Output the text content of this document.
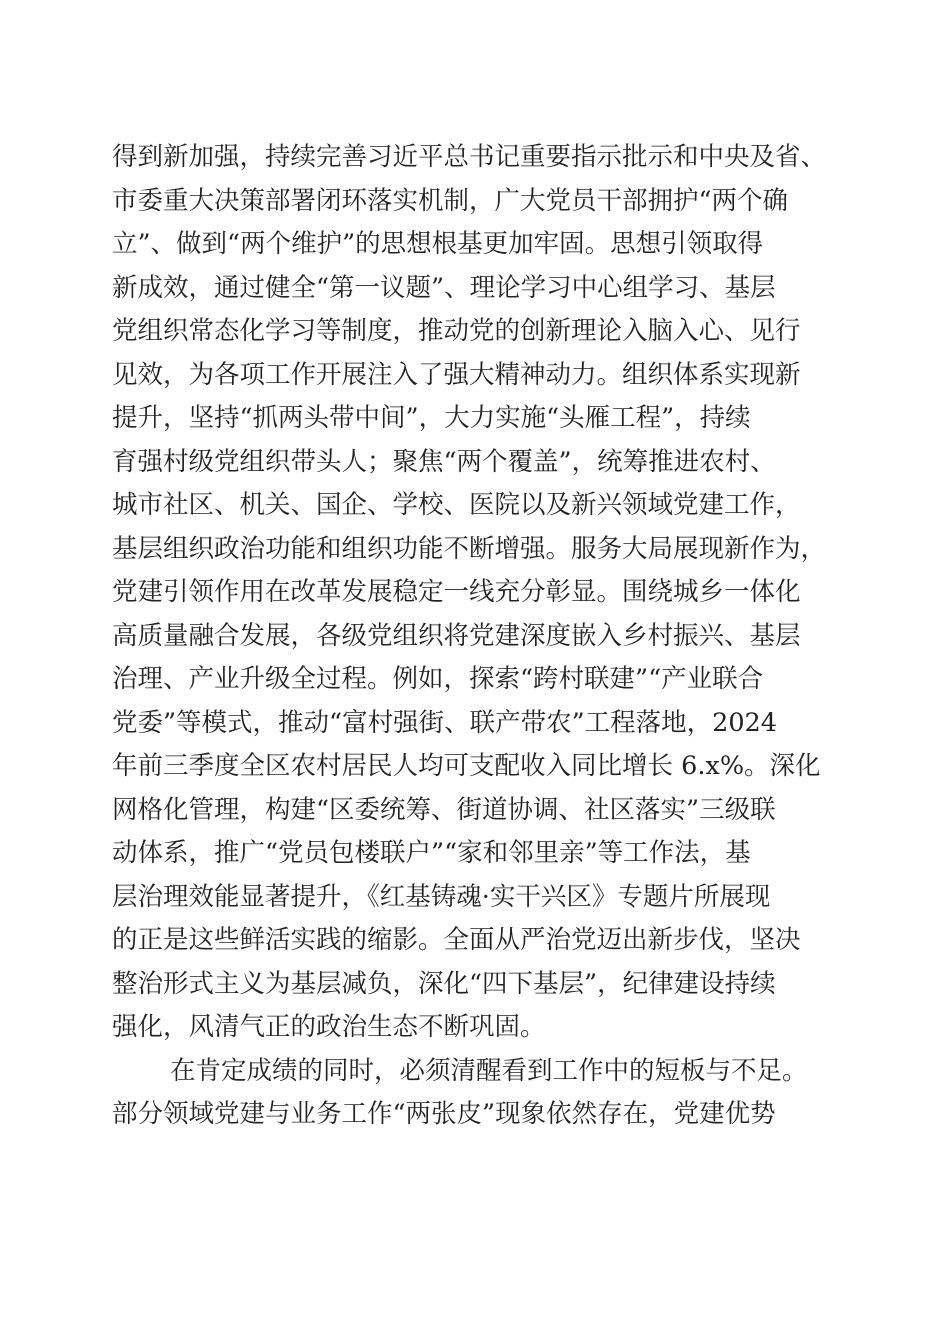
得到新加强，持续完善习近平总书记重要指示批示和中央及省、
市委重大决策部署闭环落实机制，广大党员干部拥护“两个确
立”、做到“两个维护”的思想根基更加牢固。思想引领取得
新成效，通过健全“第一议题”、理论学习中心组学习、基层
党组织常态化学习等制度，推动党的创新理论入脑入心、见行
见效，为各项工作开展注入了强大精神动力。组织体系实现新
提升，坚持“抓两头带中间”，大力实施“头雁工程”，持续
育强村级党组织带头人；聚焦“两个覆盖”，统筹推进农村、
城市社区、机关、国企、学校、医院以及新兴领域党建工作，
基层组织政治功能和组织功能不断增强。服务大局展现新作为，
党建引领作用在改革发展稳定一线充分彰显。围绕城乡一体化
高质量融合发展，各级党组织将党建深度嵌入乡村振兴、基层
治理、产业升级全过程。例如，探索“跨村联建”“产业联合
党委”等模式，推动“富村强街、联产带农”工程落地，2024
年前三季度全区农村居民人均可支配收入同比增长 6.x%。深化
网格化管理，构建“区委统筹、街道协调、社区落实”三级联
动体系，推广“党员包楼联户”“家和邻里亲”等工作法，基
层治理效能显著提升，《红基铸魂·实干兴区》专题片所展现
的正是这些鲜活实践的缩影。全面从严治党迈出新步伐，坚决
整治形式主义为基层减负，深化“四下基层”，纪律建设持续
强化，风清气正的政治生态不断巩固。
在肯定成绩的同时，必须清醒看到工作中的短板与不足。
部分领域党建与业务工作“两张皮”现象依然存在，党建优势
